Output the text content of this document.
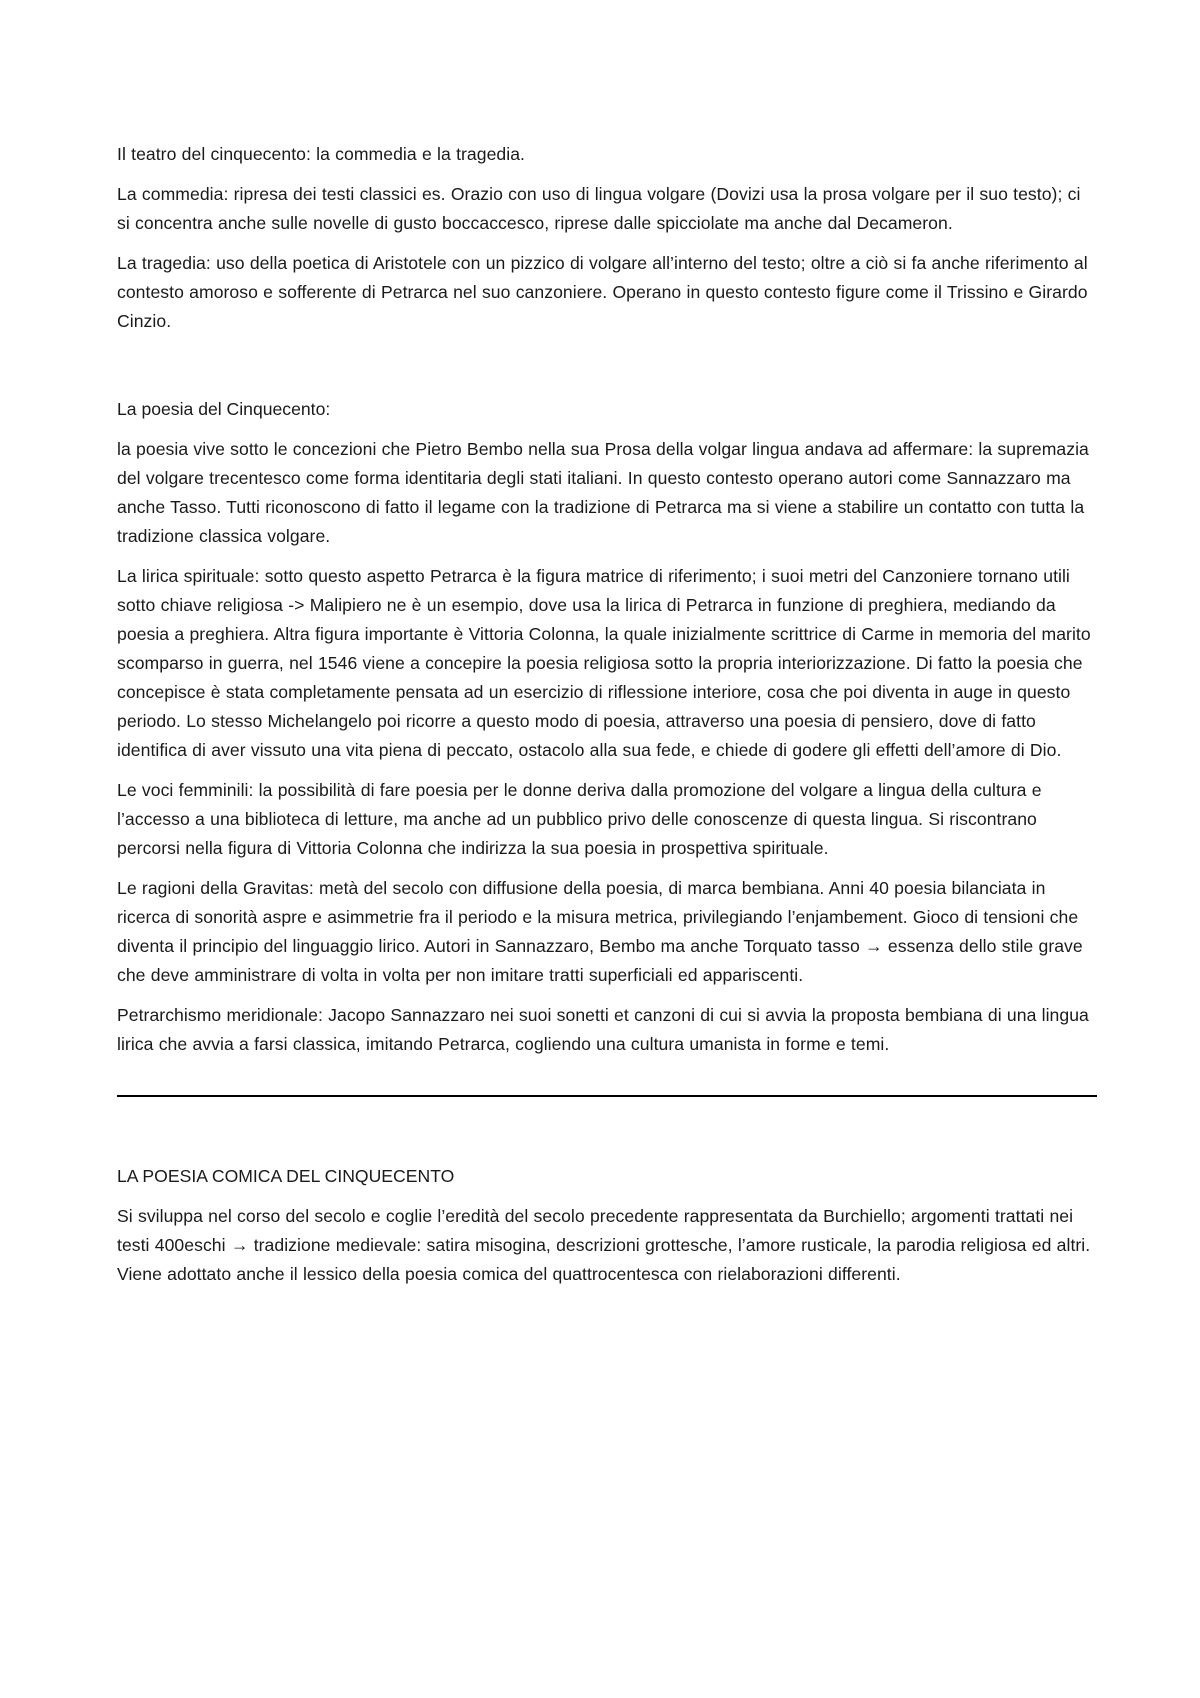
Il teatro del cinquecento: la commedia e la tragedia.

La commedia: ripresa dei testi classici es. Orazio con uso di lingua volgare (Dovizi usa la prosa volgare per il suo testo); ci si concentra anche sulle novelle di gusto boccaccesco, riprese dalle spicciolate ma anche dal Decameron.

La tragedia: uso della poetica di Aristotele con un pizzico di volgare all’interno del testo; oltre a ciò si fa anche riferimento al contesto amoroso e sofferente di Petrarca nel suo canzoniere. Operano in questo contesto figure come il Trissino e Girardo Cinzio.

La poesia del Cinquecento:

la poesia vive sotto le concezioni che Pietro Bembo nella sua Prosa della volgar lingua andava ad affermare: la supremazia del volgare trecentesco come forma identitaria degli stati italiani. In questo contesto operano autori come Sannazzaro ma anche Tasso. Tutti riconoscono di fatto il legame con la tradizione di Petrarca ma si viene a stabilire un contatto con tutta la tradizione classica volgare.

La lirica spirituale: sotto questo aspetto Petrarca è la figura matrice di riferimento; i suoi metri del Canzoniere tornano utili sotto chiave religiosa -> Malipiero ne è un esempio, dove usa la lirica di Petrarca in funzione di preghiera, mediando da poesia a preghiera. Altra figura importante è Vittoria Colonna, la quale inizialmente scrittrice di Carme in memoria del marito scomparso in guerra, nel 1546 viene a concepire la poesia religiosa sotto la propria interiorizzazione. Di fatto la poesia che concepisce è stata completamente pensata ad un esercizio di riflessione interiore, cosa che poi diventa in auge in questo periodo. Lo stesso Michelangelo poi ricorre a questo modo di poesia, attraverso una poesia di pensiero, dove di fatto identifica di aver vissuto una vita piena di peccato, ostacolo alla sua fede, e chiede di godere gli effetti dell’amore di Dio.

Le voci femminili: la possibilità di fare poesia per le donne deriva dalla promozione del volgare a lingua della cultura e l’accesso a una biblioteca di letture, ma anche ad un pubblico privo delle conoscenze di questa lingua. Si riscontrano percorsi nella figura di Vittoria Colonna che indirizza la sua poesia in prospettiva spirituale.

Le ragioni della Gravitas: metà del secolo con diffusione della poesia, di marca bembiana. Anni 40 poesia bilanciata in ricerca di sonorità aspre e asimmetrie fra il periodo e la misura metrica, privilegiando l’enjambement. Gioco di tensioni che diventa il principio del linguaggio lirico. Autori in Sannazzaro, Bembo ma anche Torquato tasso → essenza dello stile grave che deve amministrare di volta in volta per non imitare tratti superficiali ed appariscenti.

Petrarchismo meridionale: Jacopo Sannazzaro nei suoi sonetti et canzoni di cui si avvia la proposta bembiana di una lingua lirica che avvia a farsi classica, imitando Petrarca, cogliendo una cultura umanista in forme e temi.

LA POESIA COMICA DEL CINQUECENTO

Si sviluppa nel corso del secolo e coglie l’eredità del secolo precedente rappresentata da Burchiello; argomenti trattati nei testi 400eschi → tradizione medievale: satira misogina, descrizioni grottesche, l’amore rusticale, la parodia religiosa ed altri. Viene adottato anche il lessico della poesia comica del quattrocentesca con rielaborazioni differenti.
